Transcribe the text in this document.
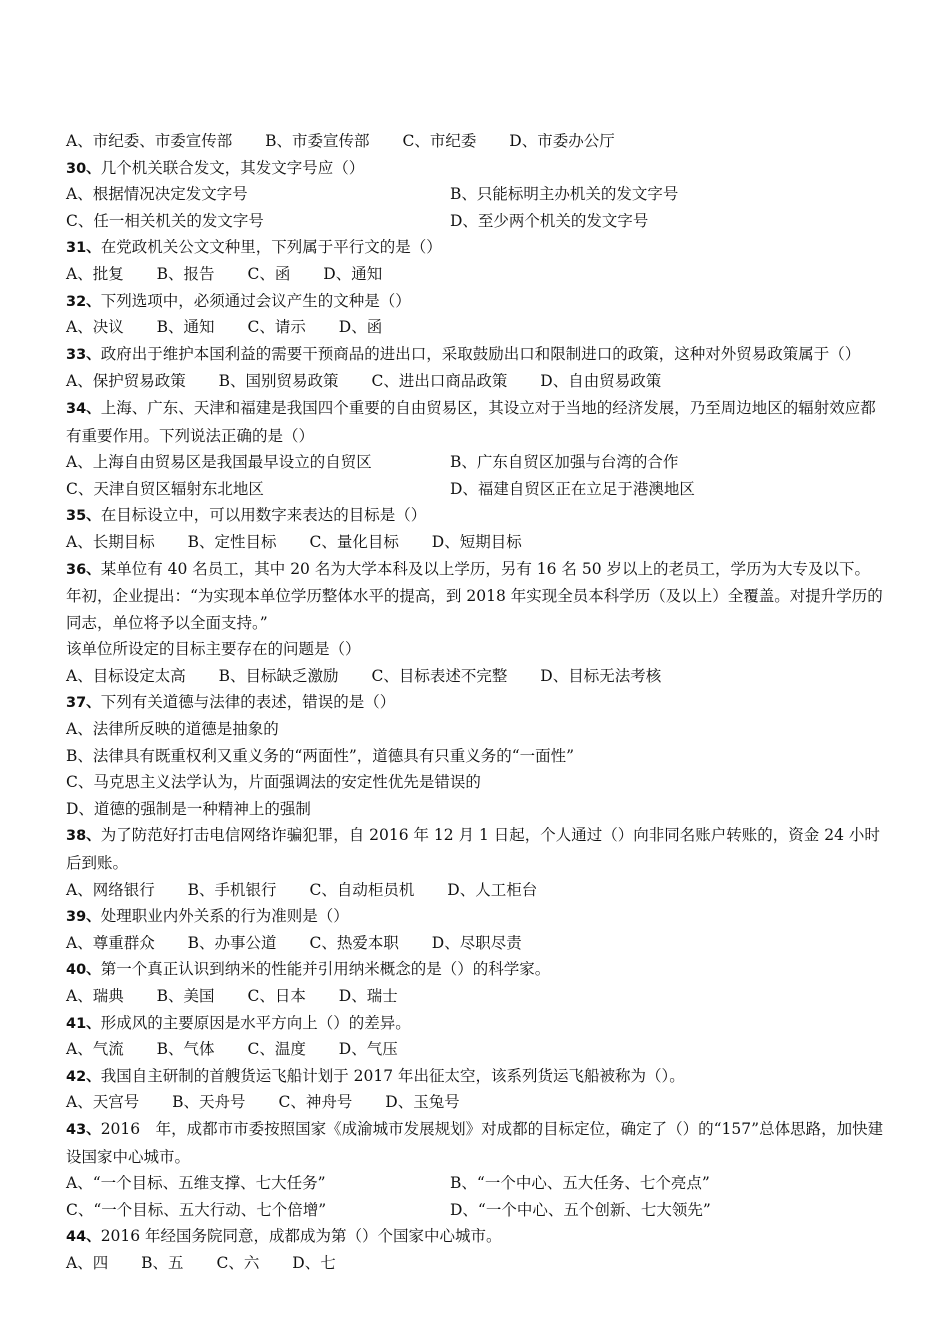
A、市纪委、市委宣传部 B、市委宣传部 C、市纪委 D、市委办公厅
30、几个机关联合发文，其发文字号应（）
A、根据情况决定发文字号	B、只能标明主办机关的发文字号
C、任一相关机关的发文字号	D、至少两个机关的发文字号
31、在党政机关公文文种里，下列属于平行文的是（）
A、批复 B、报告 C、函 D、通知
32、下列选项中，必须通过会议产生的文种是（）
A、决议 B、通知 C、请示 D、函
33、政府出于维护本国利益的需要干预商品的进出口，采取鼓励出口和限制进口的政策，这种对外贸易政策属于（）
A、保护贸易政策 B、国别贸易政策 C、进出口商品政策 D、自由贸易政策
34、上海、广东、天津和福建是我国四个重要的自由贸易区，其设立对于当地的经济发展，乃至周边地区的辐射效应都有重要作用。下列说法正确的是（）
A、上海自由贸易区是我国最早设立的自贸区	B、广东自贸区加强与台湾的合作
C、天津自贸区辐射东北地区	D、福建自贸区正在立足于港澳地区
35、在目标设立中，可以用数字来表达的目标是（）
A、长期目标 B、定性目标 C、量化目标 D、短期目标
36、某单位有 40 名员工，其中 20 名为大学本科及以上学历，另有 16 名 50 岁以上的老员工，学历为大专及以下。年初，企业提出：“为实现本单位学历整体水平的提高，到 2018 年实现全员本科学历（及以上）全覆盖。对提升学历的同志，单位将予以全面支持。”
该单位所设定的目标主要存在的问题是（）
A、目标设定太高 B、目标缺乏激励 C、目标表述不完整 D、目标无法考核
37、下列有关道德与法律的表述，错误的是（）
A、法律所反映的道德是抽象的
B、法律具有既重权利又重义务的“两面性”，道德具有只重义务的“一面性”
C、马克思主义法学认为，片面强调法的安定性优先是错误的
D、道德的强制是一种精神上的强制
38、为了防范好打击电信网络诈骗犯罪，自 2016 年 12 月 1 日起，个人通过（）向非同名账户转账的，资金 24 小时后到账。
A、网络银行 B、手机银行 C、自动柜员机 D、人工柜台
39、处理职业内外关系的行为准则是（）
A、尊重群众 B、办事公道 C、热爱本职 D、尽职尽责
40、第一个真正认识到纳米的性能并引用纳米概念的是（）的科学家。
A、瑞典 B、美国 C、日本 D、瑞士
41、形成风的主要原因是水平方向上（）的差异。
A、气流 B、气体 C、温度 D、气压
42、我国自主研制的首艘货运飞船计划于 2017 年出征太空，该系列货运飞船被称为（）。
A、天宫号 B、天舟号 C、神舟号 D、玉兔号
43、2016　年，成都市市委按照国家《成渝城市发展规划》对成都的目标定位，确定了（）的“157”总体思路，加快建设国家中心城市。
A、“一个目标、五维支撑、七大任务”	B、“一个中心、五大任务、七个亮点”
C、“一个目标、五大行动、七个倍增”	D、“一个中心、五个创新、七大领先”
44、2016 年经国务院同意，成都成为第（）个国家中心城市。
A、四 B、五 C、六 D、七
